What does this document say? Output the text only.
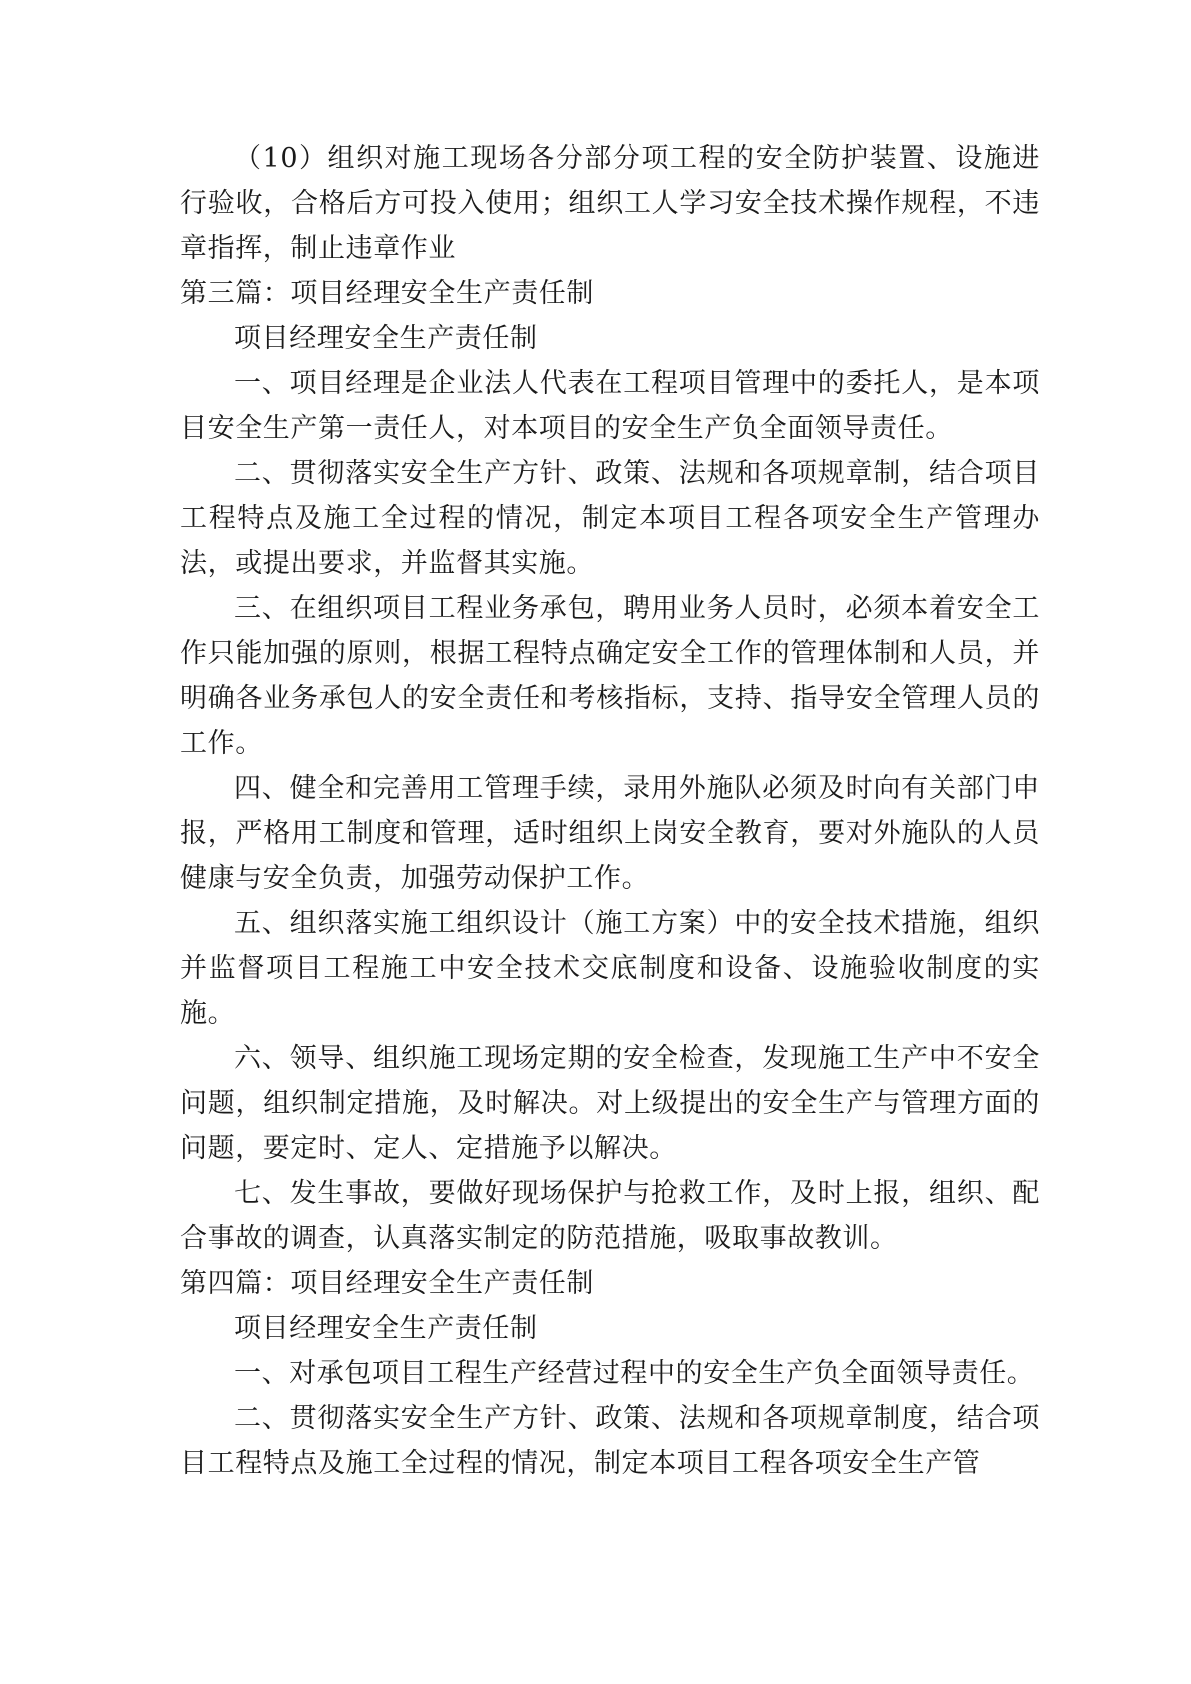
（10）组织对施工现场各分部分项工程的安全防护装置、设施进行验收，合格后方可投入使用；组织工人学习安全技术操作规程，不违章指挥，制止违章作业

第三篇：项目经理安全生产责任制

项目经理安全生产责任制

一、项目经理是企业法人代表在工程项目管理中的委托人，是本项目安全生产第一责任人，对本项目的安全生产负全面领导责任。

二、贯彻落实安全生产方针、政策、法规和各项规章制，结合项目工程特点及施工全过程的情况，制定本项目工程各项安全生产管理办法，或提出要求，并监督其实施。

三、在组织项目工程业务承包，聘用业务人员时，必须本着安全工作只能加强的原则，根据工程特点确定安全工作的管理体制和人员，并明确各业务承包人的安全责任和考核指标，支持、指导安全管理人员的工作。

四、健全和完善用工管理手续，录用外施队必须及时向有关部门申报，严格用工制度和管理，适时组织上岗安全教育，要对外施队的人员健康与安全负责，加强劳动保护工作。

五、组织落实施工组织设计（施工方案）中的安全技术措施，组织并监督项目工程施工中安全技术交底制度和设备、设施验收制度的实施。

六、领导、组织施工现场定期的安全检查，发现施工生产中不安全问题，组织制定措施，及时解决。对上级提出的安全生产与管理方面的问题，要定时、定人、定措施予以解决。

七、发生事故，要做好现场保护与抢救工作，及时上报，组织、配合事故的调查，认真落实制定的防范措施，吸取事故教训。

第四篇：项目经理安全生产责任制

项目经理安全生产责任制

一、对承包项目工程生产经营过程中的安全生产负全面领导责任。

二、贯彻落实安全生产方针、政策、法规和各项规章制度，结合项目工程特点及施工全过程的情况，制定本项目工程各项安全生产管
